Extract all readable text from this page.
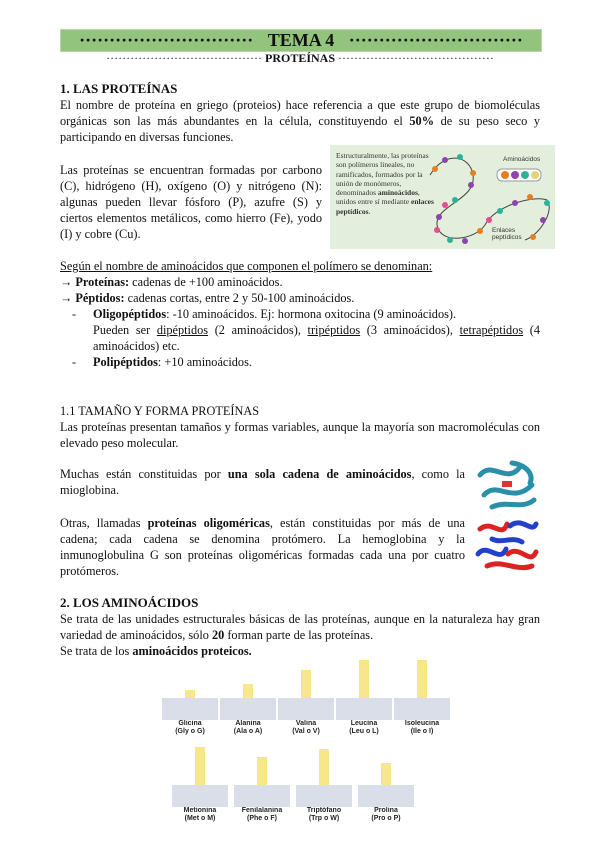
····························· TEMA 4 ·····························
······································· PROTEÍNAS ·······································
1. LAS PROTEÍNAS
El nombre de proteína en griego (proteios) hace referencia a que este grupo de biomoléculas orgánicas son las más abundantes en la célula, constituyendo el 50% de su peso seco y participando en diversas funciones.
Las proteínas se encuentran formadas por carbono (C), hidrógeno (H), oxígeno (O) y nitrógeno (N): algunas pueden llevar fósforo (P), azufre (S) y ciertos elementos metálicos, como hierro (Fe), yodo (I) y cobre (Cu).
Estructuralmente, las proteínas son polímeros lineales, no ramificados, formados por la unión de monómeros, denominados aminoácidos, unidos entre sí mediante enlaces peptídicos.
Aminoácidos
Enlaces peptídicos
Según el nombre de aminoácidos que componen el polímero se denominan:
→ Proteínas: cadenas de +100 aminoácidos.
→ Péptidos: cadenas cortas, entre 2 y 50-100 aminoácidos.
- Oligopéptidos: -10 aminoácidos. Ej: hormona oxitocina (9 aminoácidos).
Pueden ser dipéptidos (2 aminoácidos), tripéptidos (3 aminoácidos), tetrapéptidos (4 aminoácidos) etc.
- Polipéptidos: +10 aminoácidos.
1.1 TAMAÑO Y FORMA PROTEÍNAS
Las proteínas presentan tamaños y formas variables, aunque la mayoría son macromoléculas con elevado peso molecular.
Muchas están constituidas por una sola cadena de aminoácidos, como la mioglobina.
Otras, llamadas proteínas oligoméricas, están constituidas por más de una cadena; cada cadena se denomina protómero. La hemoglobina y la inmunoglobulina G son proteínas oligoméricas formadas cada una por cuatro protómeros.
2. LOS AMINOÁCIDOS
Se trata de las unidades estructurales básicas de las proteínas, aunque en la naturaleza hay gran variedad de aminoácidos, sólo 20 forman parte de las proteínas.
Se trata de los aminoácidos proteicos.
Glicina
(Gly o G)
Alanina
(Ala o A)
Valina
(Val o V)
Leucina
(Leu o L)
Isoleucina
(Ile o I)
Metionina
(Met o M)
Fenilalanina
(Phe o F)
Triptófano
(Trp o W)
Prolina
(Pro o P)
